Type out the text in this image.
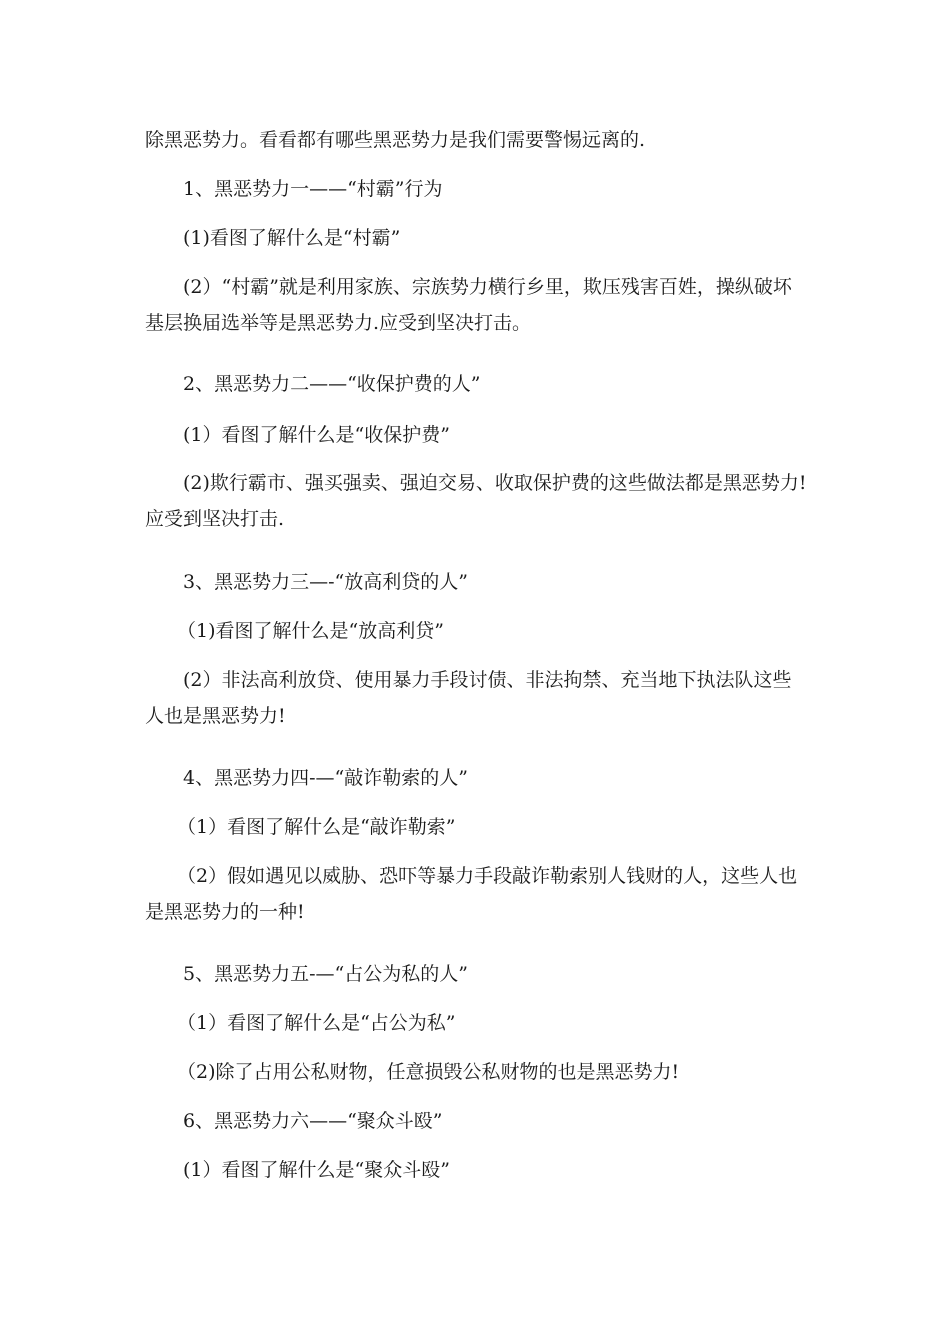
除黑恶势力。看看都有哪些黑恶势力是我们需要警惕远离的.

1、黑恶势力一——“村霸”行为

(1)看图了解什么是“村霸”

(2）“村霸”就是利用家族、宗族势力横行乡里，欺压残害百姓，操纵破坏基层换届选举等是黑恶势力.应受到坚决打击。

2、黑恶势力二——“收保护费的人”

(1）看图了解什么是“收保护费”

(2)欺行霸市、强买强卖、强迫交易、收取保护费的这些做法都是黑恶势力!应受到坚决打击.

3、黑恶势力三—-“放高利贷的人”

（1)看图了解什么是“放高利贷”

(2）非法高利放贷、使用暴力手段讨债、非法拘禁、充当地下执法队这些人也是黑恶势力!

4、黑恶势力四-—“敲诈勒索的人”

（1）看图了解什么是“敲诈勒索”

（2）假如遇见以威胁、恐吓等暴力手段敲诈勒索别人钱财的人，这些人也是黑恶势力的一种!

5、黑恶势力五-—“占公为私的人”

（1）看图了解什么是“占公为私”

（2)除了占用公私财物，任意损毁公私财物的也是黑恶势力!

6、黑恶势力六——“聚众斗殴”

(1）看图了解什么是“聚众斗殴”
